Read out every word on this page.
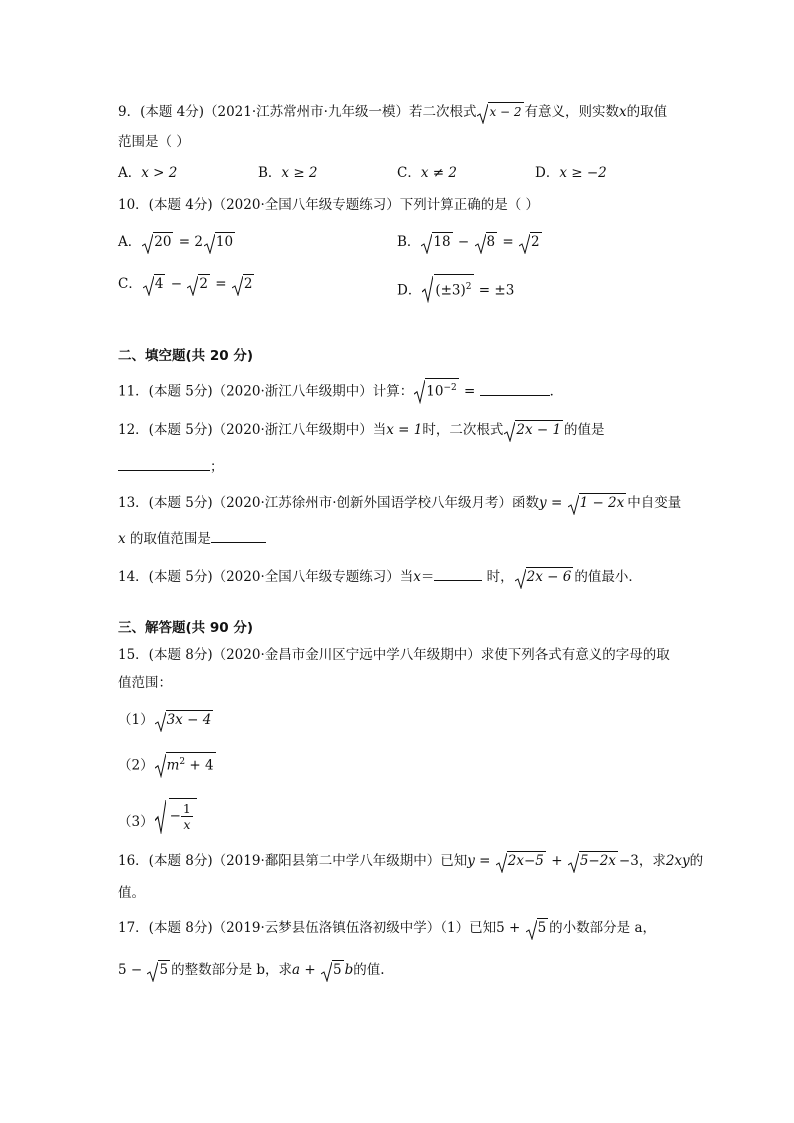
9．(本题 4分)（2021·江苏常州市·九年级一模）若二次根式 x − 2 有意义，则实数x的取值
范围是（ ）
A．x > 2	B．x ≥ 2	C．x ≠ 2	D．x ≥ −2
10．(本题 4分)（2020·全国八年级专题练习）下列计算正确的是（ ）
A． 20 = 2 10	B． 18 −
8 =
2
C． 4 −
2 =
2	D． $(\pm 3)^2 = \pm 3$
二、填空题(共 20 分)
11．(本题 5分)（2020·浙江八年级期中）计算： $10^{-2}$ =	．
12．(本题 5分)（2020·浙江八年级期中）当x = 1时，二次根式 2x − 1 的值是
；
13．(本题 5分)（2020·江苏徐州市·创新外国语学校八年级月考）函数y =
1 − 2x 中自变量
x 的取值范围是
14．(本题 5分)（2020·全国八年级专题练习）当x＝	时， 2x − 6 的值最小．
三、解答题(共 90 分)
15．(本题 8分)（2020·金昌市金川区宁远中学八年级期中）求使下列各式有意义的字母的取
值范围：
（1） 3x − 4
（2） $m^2 + 4$
$(3) - \frac{1}{x}$
16．(本题 8分)（2019·鄱阳县第二中学八年级期中）已知y =
2x−5 +
5−2x −3，求2xy的
值。
17．(本题 8分)（2019·云梦县伍洛镇伍洛初级中学）（1）已知5 +
5 的小数部分是 a，
5 −
5 的整数部分是 b，求a +
5 b的值.
